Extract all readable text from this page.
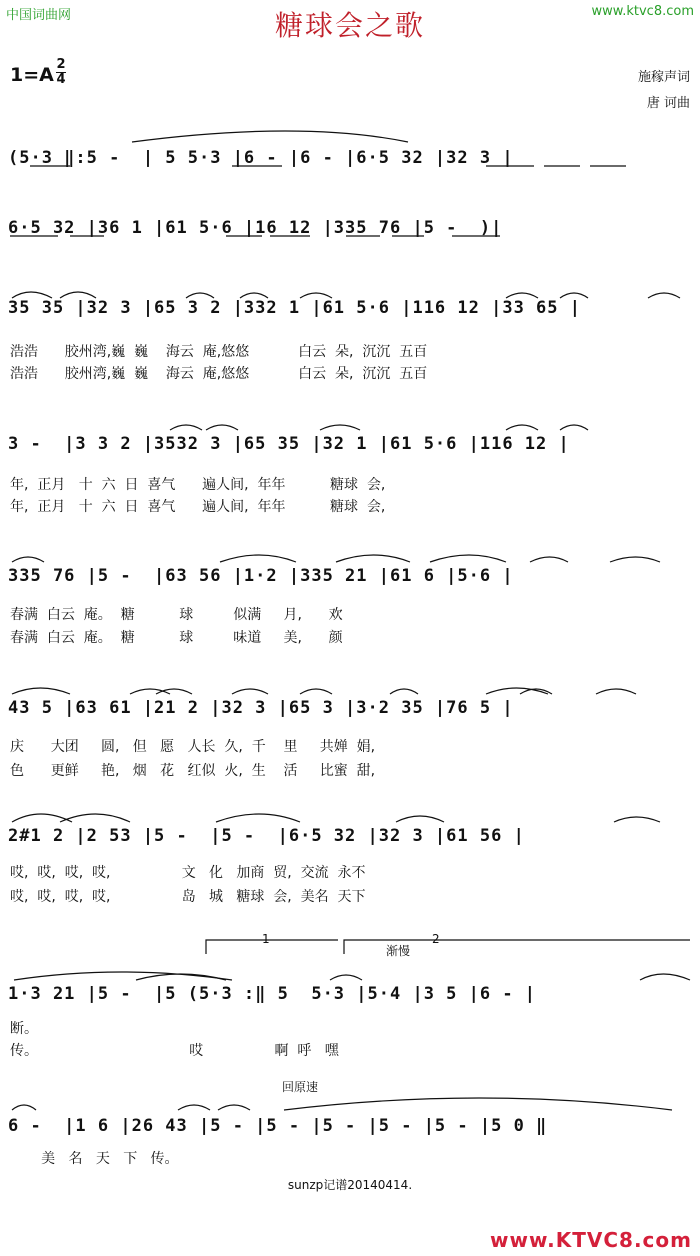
中国词曲网	www.ktvc8.com
糖球会之歌
1=A 2
4	施稼声词
唐 诃曲
(5·3 ‖:5 -  | 5 5·3 |6 - |6 - |6·5 32 |32 3 |
6·5 32 |36 1 |61 5·6 |16 12 |335 76 |5 -  )|
35 35 |32 3 |65 3 2 |332 1 |61 5·6 |116 12 |33 65 |
浩浩      胶州湾,巍  巍    海云  庵,悠悠           白云  朵,  沉沉  五百
浩浩      胶州湾,巍  巍    海云  庵,悠悠           白云  朵,  沉沉  五百
3 -  |3 3 2 |3532 3 |65 35 |32 1 |61 5·6 |116 12 |
年,  正月   十  六  日  喜气      遍人间,  年年          糖球  会,
年,  正月   十  六  日  喜气      遍人间,  年年          糖球  会,
335 76 |5 -  |63 56 |1·2 |335 21 |61 6 |5·6 |
春满  白云  庵。  糖          球         似满     月,      欢
春满  白云  庵。  糖          球         味道     美,      颜
43 5 |63 61 |21 2 |32 3 |65 3 |3·2 35 |76 5 |
庆      大团     圆,   但   愿   人长  久,  千    里     共婵  娟,
色      更鲜     艳,   烟   花   红似  火,  生    活     比蜜  甜,
2#1 2 |2 53 |5 -  |5 -  |6·5 32 |32 3 |61 56 |
哎,  哎,  哎,  哎,                文   化   加商  贸,  交流  永不
哎,  哎,  哎,  哎,                岛   城   糖球  会,  美名  天下
1	2
渐慢
1·3 21 |5 -  |5 (5·3 :‖ 5  5·3 |5·4 |3 5 |6 - |
断。
传。                                  哎                啊  呼   嘿
回原速
6 -  |1 6 |26 43 |5 - |5 - |5 - |5 - |5 - |5 0 ‖
美   名   天   下   传。
sunzp记谱20140414.
www.KTVC8.com
